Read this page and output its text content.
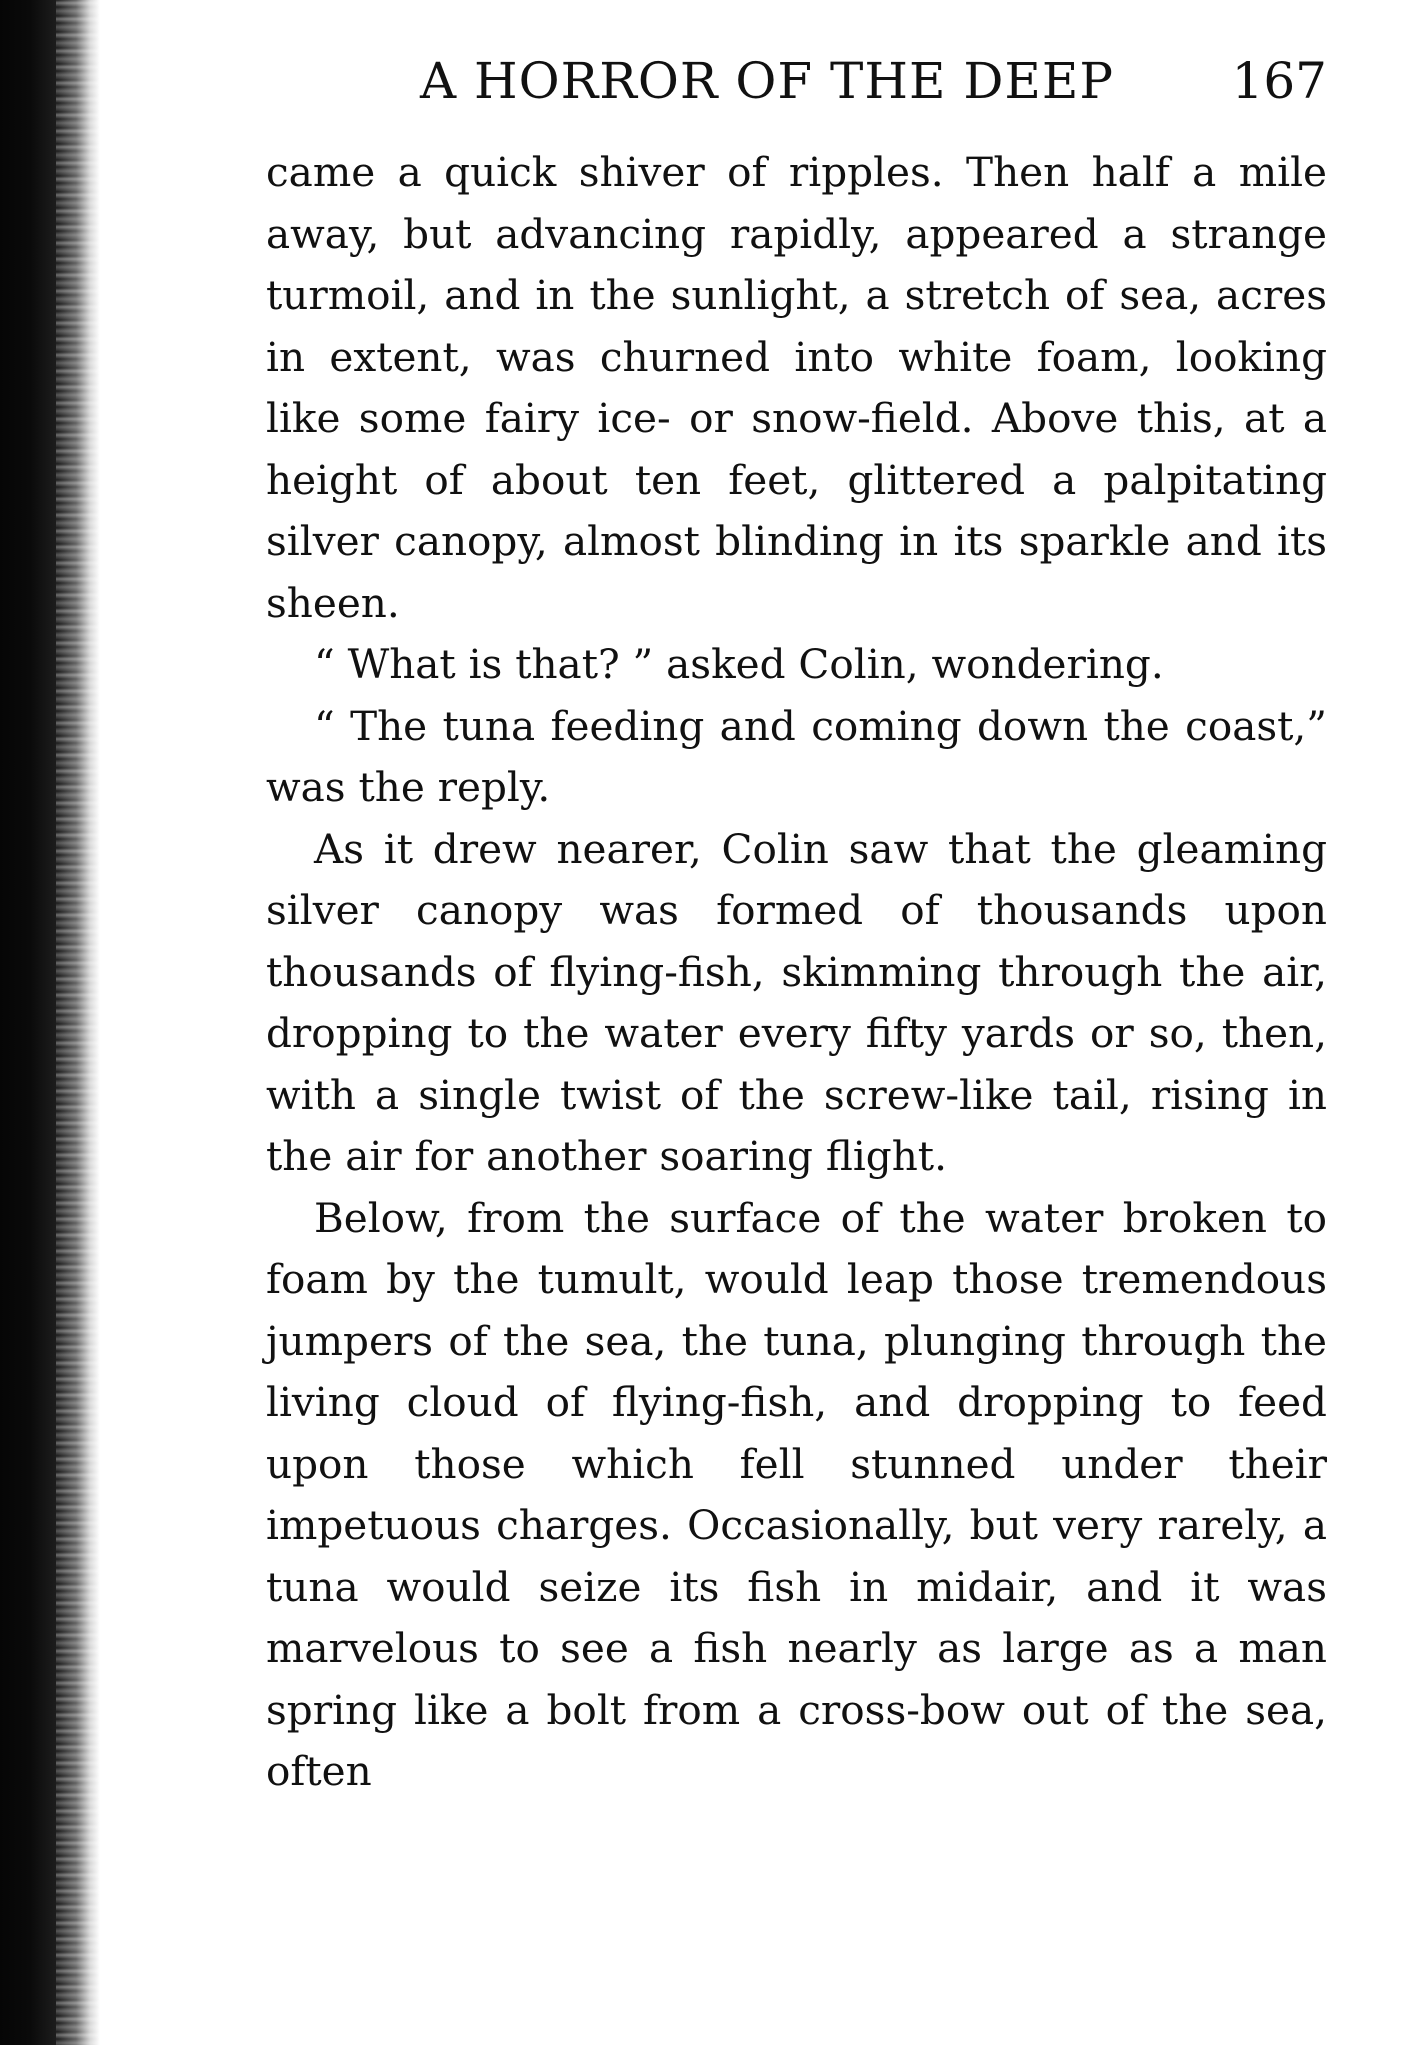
A HORROR OF THE DEEP 167

came a quick shiver of ripples. Then half a mile away, but advancing rapidly, appeared a strange turmoil, and in the sunlight, a stretch of sea, acres in extent, was churned into white foam, looking like some fairy ice- or snow-field. Above this, at a height of about ten feet, glittered a palpitating silver canopy, almost blinding in its sparkle and its sheen.

“ What is that? ” asked Colin, wondering.

“ The tuna feeding and coming down the coast,” was the reply.

As it drew nearer, Colin saw that the gleaming silver canopy was formed of thousands upon thousands of flying-fish, skimming through the air, dropping to the water every fifty yards or so, then, with a single twist of the screw-like tail, rising in the air for another soaring flight.

Below, from the surface of the water broken to foam by the tumult, would leap those tremendous jumpers of the sea, the tuna, plunging through the living cloud of flying-fish, and dropping to feed upon those which fell stunned under their impetuous charges. Occasionally, but very rarely, a tuna would seize its fish in midair, and it was marvelous to see a fish nearly as large as a man spring like a bolt from a cross-bow out of the sea, often
